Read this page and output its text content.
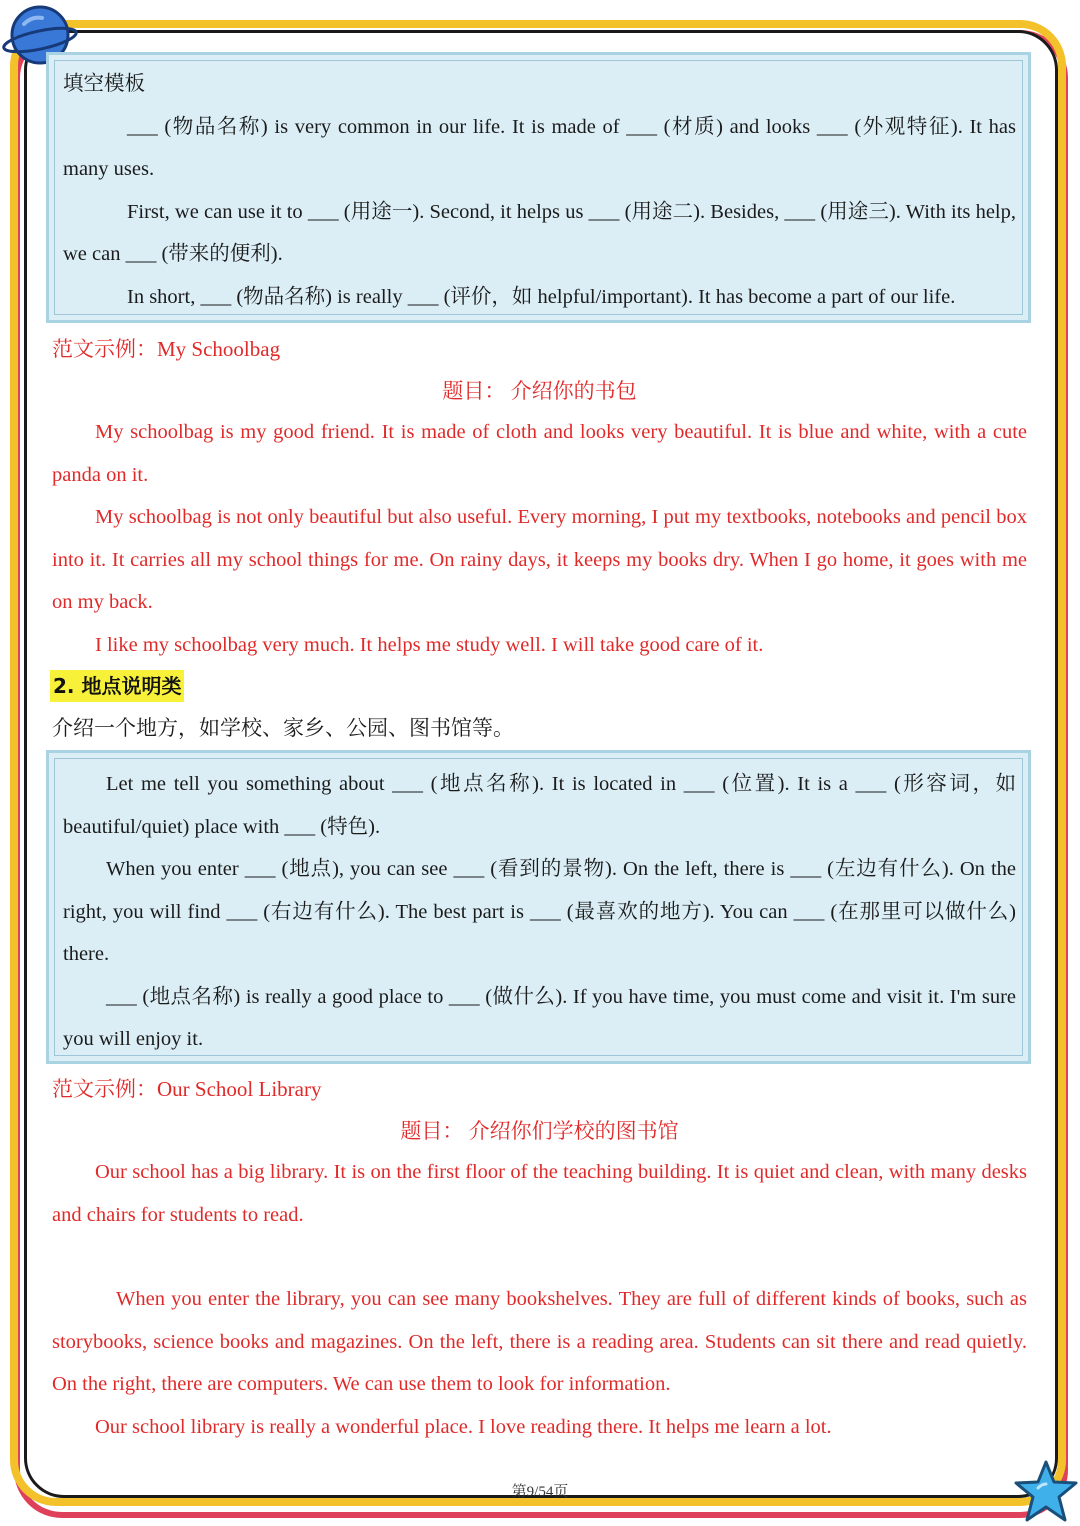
填空模板

___ (物品名称) is very common in our life. It is made of ___ (材质) and looks ___ (外观特征). It has many uses.

First, we can use it to ___ (用途一). Second, it helps us ___ (用途二). Besides, ___ (用途三). With its help, we can ___ (带来的便利).

In short, ___ (物品名称) is really ___ (评价，如 helpful/important). It has become a part of our life.

范文示例：My Schoolbag

题目： 介绍你的书包

My schoolbag is my good friend. It is made of cloth and looks very beautiful. It is blue and white, with a cute panda on it.

My schoolbag is not only beautiful but also useful. Every morning, I put my textbooks, notebooks and pencil box into it. It carries all my school things for me. On rainy days, it keeps my books dry. When I go home, it goes with me on my back.

I like my schoolbag very much. It helps me study well. I will take good care of it.

2. 地点说明类

介绍一个地方，如学校、家乡、公园、图书馆等。

Let me tell you something about ___ (地点名称). It is located in ___ (位置). It is a ___ (形容词，如 beautiful/quiet) place with ___ (特色).

When you enter ___ (地点), you can see ___ (看到的景物). On the left, there is ___ (左边有什么). On the right, you will find ___ (右边有什么). The best part is ___ (最喜欢的地方). You can ___ (在那里可以做什么) there.

___ (地点名称) is really a good place to ___ (做什么). If you have time, you must come and visit it. I'm sure you will enjoy it.

范文示例：Our School Library

题目： 介绍你们学校的图书馆

Our school has a big library. It is on the first floor of the teaching building. It is quiet and clean, with many desks and chairs for students to read.

When you enter the library, you can see many bookshelves. They are full of different kinds of books, such as storybooks, science books and magazines. On the left, there is a reading area. Students can sit there and read quietly. On the right, there are computers. We can use them to look for information.

Our school library is really a wonderful place. I love reading there. It helps me learn a lot.

第9/54页
